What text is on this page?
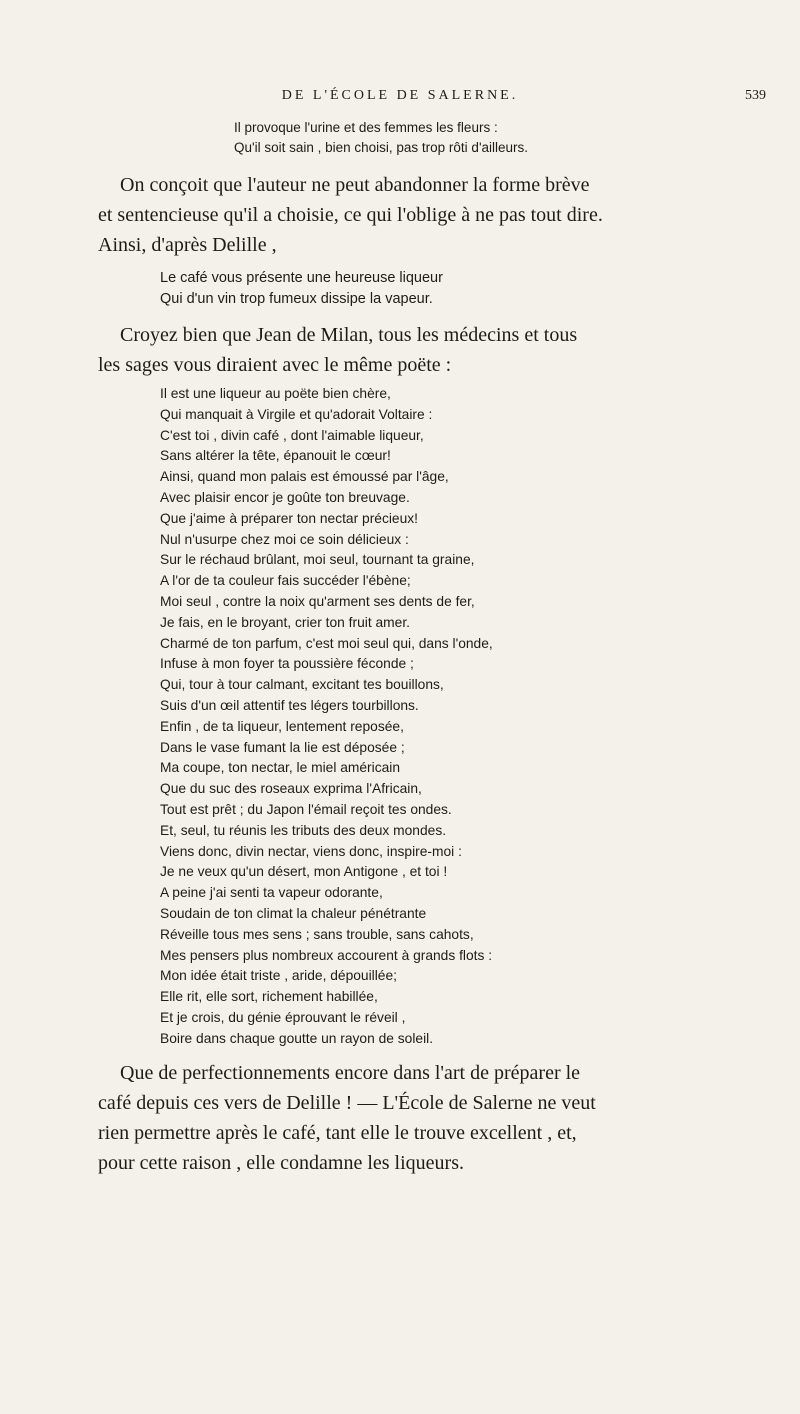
DE L'ÉCOLE DE SALERNE.	539
Il provoque l'urine et des femmes les fleurs :
Qu'il soit sain , bien choisi, pas trop rôti d'ailleurs.
On conçoit que l'auteur ne peut abandonner la forme brève
et sentencieuse qu'il a choisie, ce qui l'oblige à ne pas tout dire.
Ainsi, d'après Delille ,
Le café vous présente une heureuse liqueur
Qui d'un vin trop fumeux dissipe la vapeur.
Croyez bien que Jean de Milan, tous les médecins et tous
les sages vous diraient avec le même poëte :
Il est une liqueur au poëte bien chère,
Qui manquait à Virgile et qu'adorait Voltaire :
C'est toi , divin café , dont l'aimable liqueur,
Sans altérer la tête, épanouit le cœur!
Ainsi, quand mon palais est émoussé par l'âge,
Avec plaisir encor je goûte ton breuvage.
Que j'aime à préparer ton nectar précieux!
Nul n'usurpe chez moi ce soin délicieux :
Sur le réchaud brûlant, moi seul, tournant ta graine,
A l'or de ta couleur fais succéder l'ébène;
Moi seul , contre la noix qu'arment ses dents de fer,
Je fais, en le broyant, crier ton fruit amer.
Charmé de ton parfum, c'est moi seul qui, dans l'onde,
Infuse à mon foyer ta poussière féconde ;
Qui, tour à tour calmant, excitant tes bouillons,
Suis d'un œil attentif tes légers tourbillons.
Enfin , de ta liqueur, lentement reposée,
Dans le vase fumant la lie est déposée ;
Ma coupe, ton nectar, le miel américain
Que du suc des roseaux exprima l'Africain,
Tout est prêt ; du Japon l'émail reçoit tes ondes.
Et, seul, tu réunis les tributs des deux mondes.
Viens donc, divin nectar, viens donc, inspire-moi :
Je ne veux qu'un désert, mon Antigone , et toi !
A peine j'ai senti ta vapeur odorante,
Soudain de ton climat la chaleur pénétrante
Réveille tous mes sens ; sans trouble, sans cahots,
Mes pensers plus nombreux accourent à grands flots :
Mon idée était triste , aride, dépouillée;
Elle rit, elle sort, richement habillée,
Et je crois, du génie éprouvant le réveil ,
Boire dans chaque goutte un rayon de soleil.
Que de perfectionnements encore dans l'art de préparer le
café depuis ces vers de Delille ! — L'École de Salerne ne veut
rien permettre après le café, tant elle le trouve excellent , et,
pour cette raison , elle condamne les liqueurs.
